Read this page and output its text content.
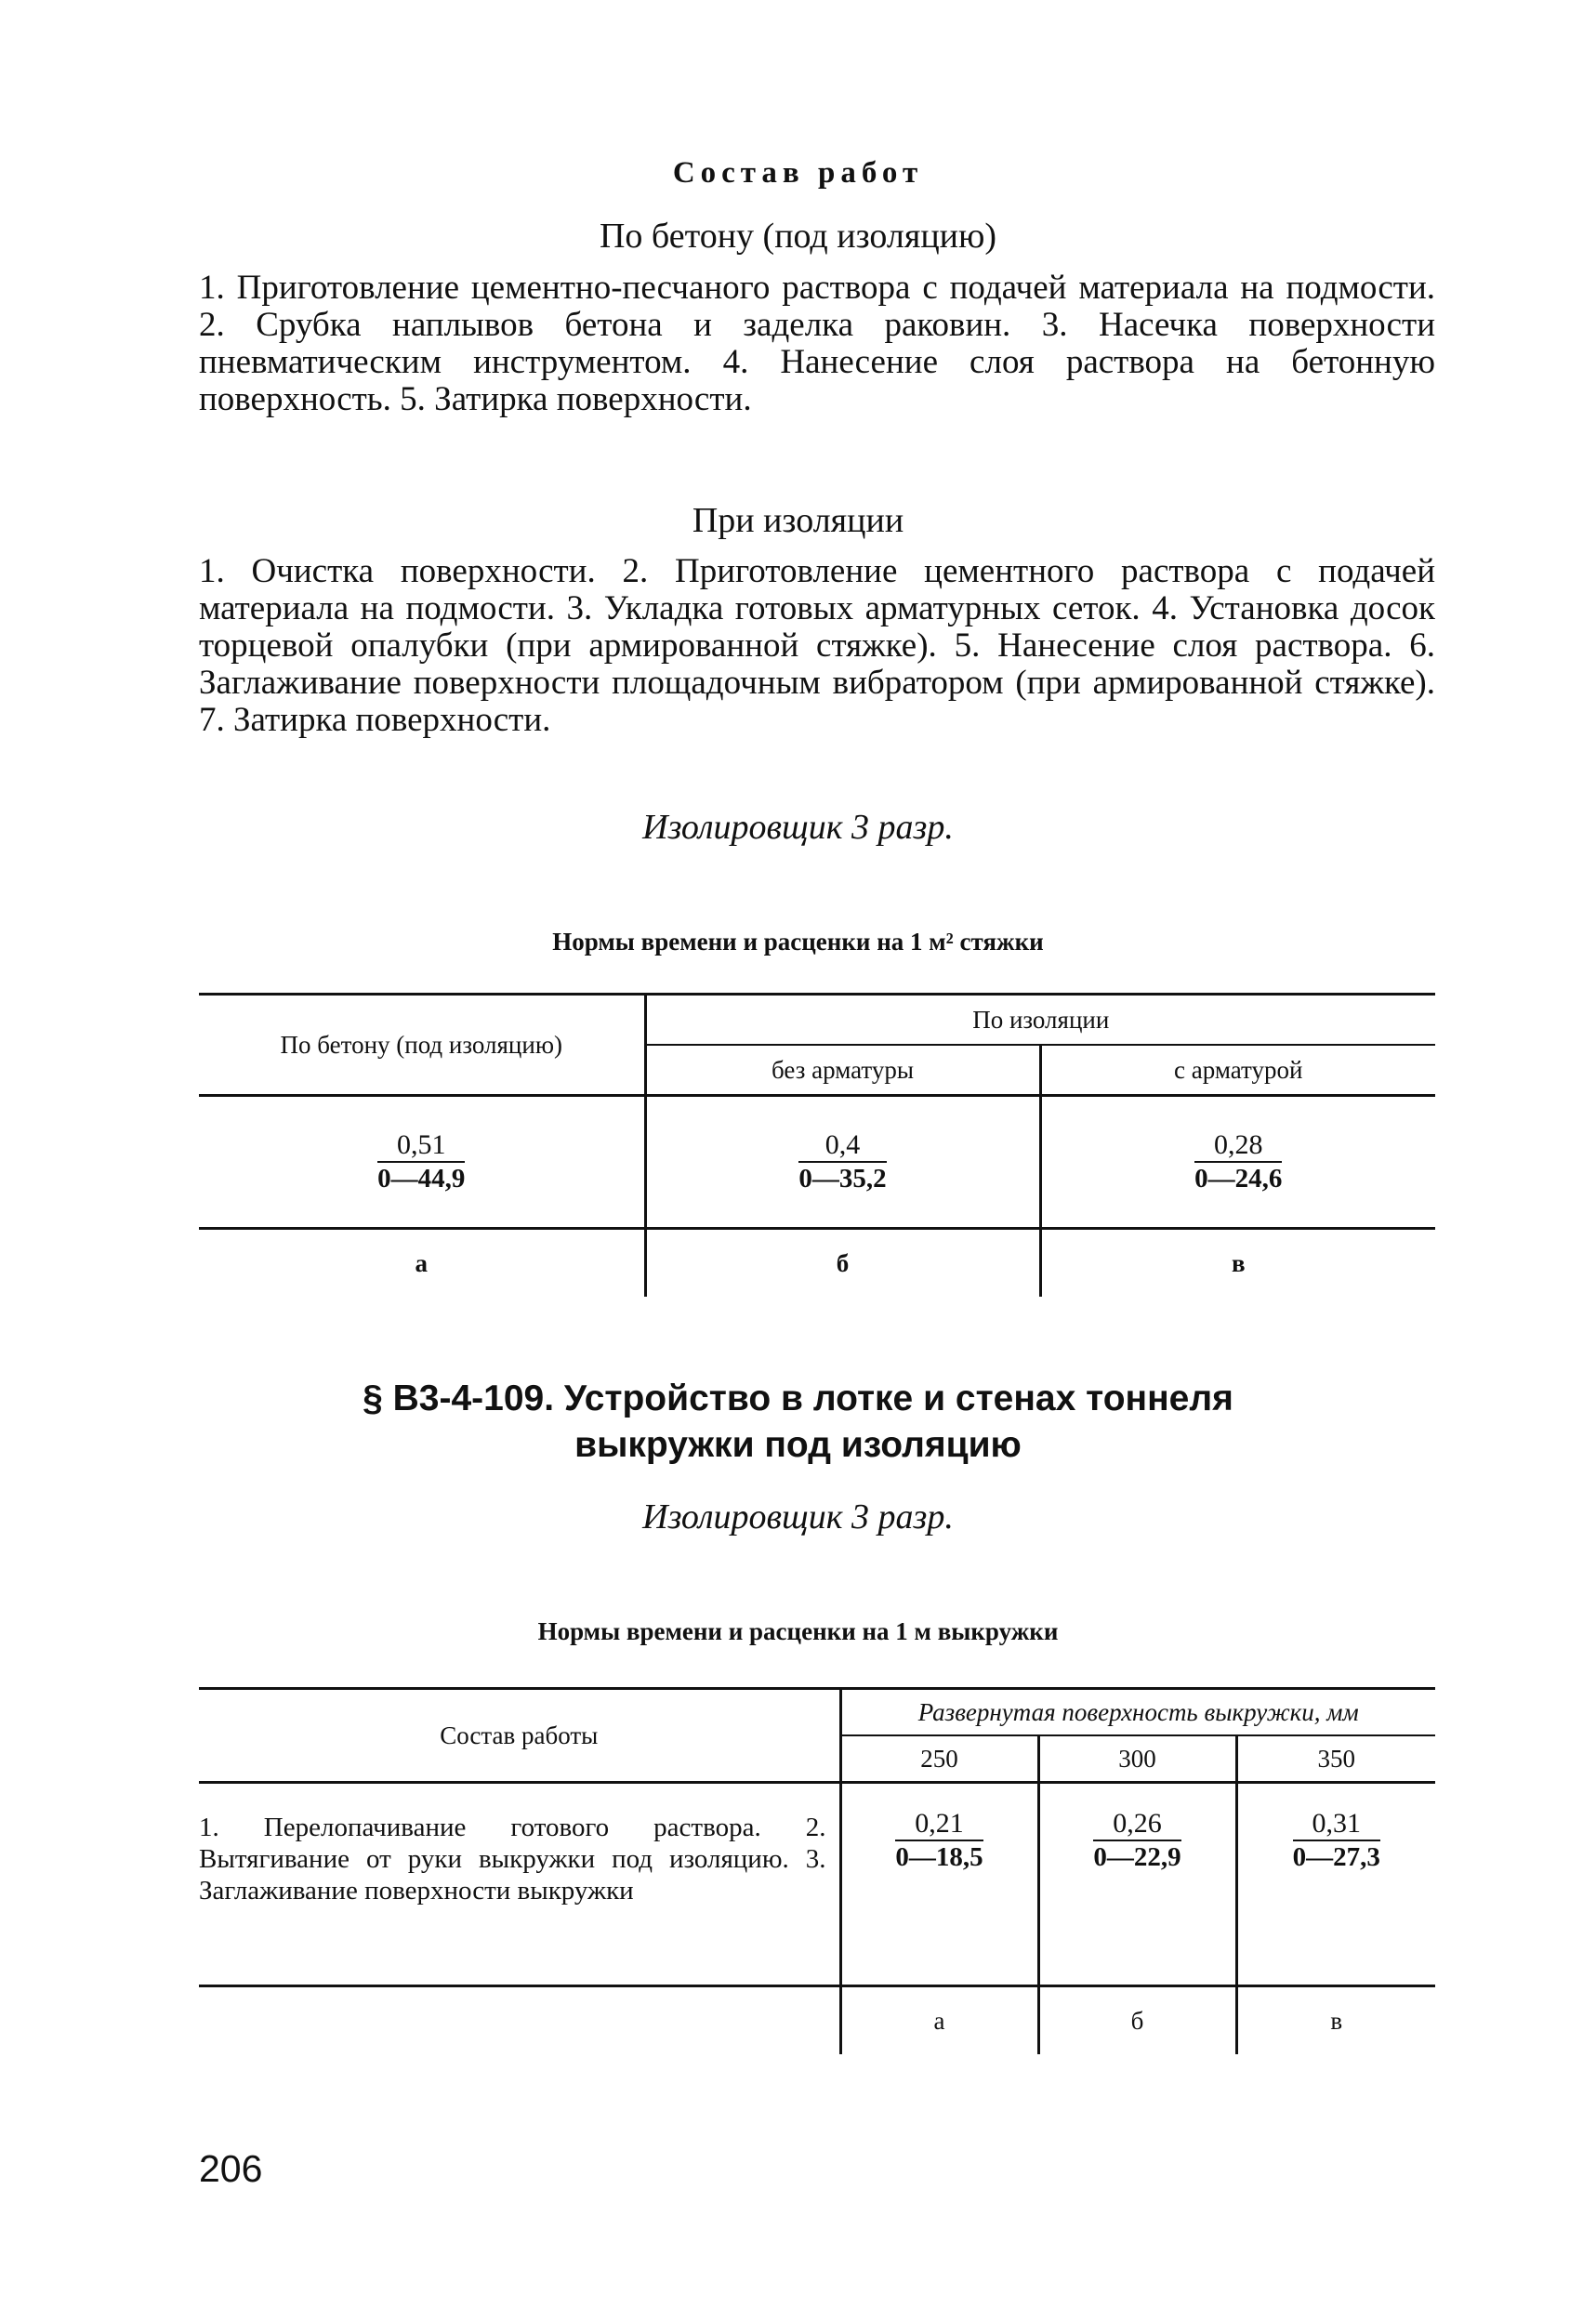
Состав работ
По бетону (под изоляцию)
1. Приготовление цементно-песчаного раствора с подачей материала на подмости. 2. Срубка наплывов бетона и заделка раковин. 3. Насечка поверхности пневматическим инструментом. 4. Нанесение слоя раствора на бетонную поверхность. 5. Затирка поверхности.
При изоляции
1. Очистка поверхности. 2. Приготовление цементного раствора с подачей материала на подмости. 3. Укладка готовых арматурных сеток. 4. Установка досок торцевой опалубки (при армированной стяжке). 5. Нанесение слоя раствора. 6. Заглаживание поверхности площадочным вибратором (при армированной стяжке). 7. Затирка поверхности.
Изолировщик 3 разр.
Нормы времени и расценки на 1 м² стяжки
По бетону (под изоляцию)	По изоляции	
	без арматуры	с арматурой

$\frac{0,51}{0—44,9}$	$\frac{0,4}{0—35,2}$	$\frac{0,28}{0—24,6}$

а	б	в
§ В3-4-109. Устройство в лотке и стенах тоннеля
выкружки под изоляцию
Изолировщик 3 разр.
Нормы времени и расценки на 1 м выкружки
Состав работы	Развернутая поверхность выкружки, мм		
	250	300	350
1. Перелопачивание готового раствора. 2. Вытягивание от руки выкружки под изоляцию. 3. Заглаживание поверхности выкружки	$\frac{0,21}{0—18,5}$	$\frac{0,26}{0—22,9}$	$\frac{0,31}{0—27,3}$

	а	б	в
206
